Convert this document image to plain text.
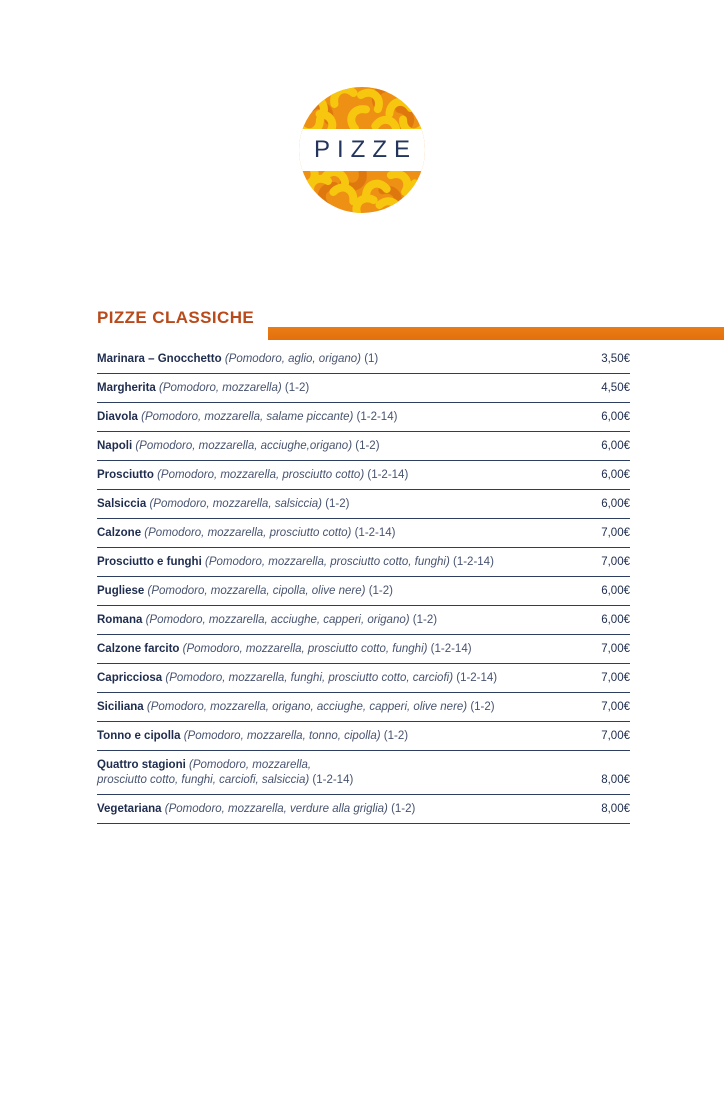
PIZZE
PIZZE CLASSICHE
Marinara – Gnocchetto (Pomodoro, aglio, origano) (1)	3,50€
Margherita (Pomodoro, mozzarella) (1-2)	4,50€
Diavola (Pomodoro, mozzarella, salame piccante) (1-2-14)	6,00€
Napoli (Pomodoro, mozzarella, acciughe,origano) (1-2)	6,00€
Prosciutto (Pomodoro, mozzarella, prosciutto cotto) (1-2-14)	6,00€
Salsiccia (Pomodoro, mozzarella, salsiccia) (1-2)	6,00€
Calzone (Pomodoro, mozzarella, prosciutto cotto) (1-2-14)	7,00€
Prosciutto e funghi (Pomodoro, mozzarella, prosciutto cotto, funghi) (1-2-14)	7,00€
Pugliese (Pomodoro, mozzarella, cipolla, olive nere) (1-2)	6,00€
Romana (Pomodoro, mozzarella, acciughe, capperi, origano) (1-2)	6,00€
Calzone farcito (Pomodoro, mozzarella, prosciutto cotto, funghi) (1-2-14)	7,00€
Capricciosa (Pomodoro, mozzarella, funghi, prosciutto cotto, carciofi) (1-2-14)	7,00€
Siciliana (Pomodoro, mozzarella, origano, acciughe, capperi, olive nere) (1-2)	7,00€
Tonno e cipolla (Pomodoro, mozzarella, tonno, cipolla) (1-2)	7,00€
Quattro stagioni (Pomodoro, mozzarella,
prosciutto cotto, funghi, carciofi, salsiccia) (1-2-14)	8,00€
Vegetariana (Pomodoro, mozzarella, verdure alla griglia) (1-2)	8,00€
